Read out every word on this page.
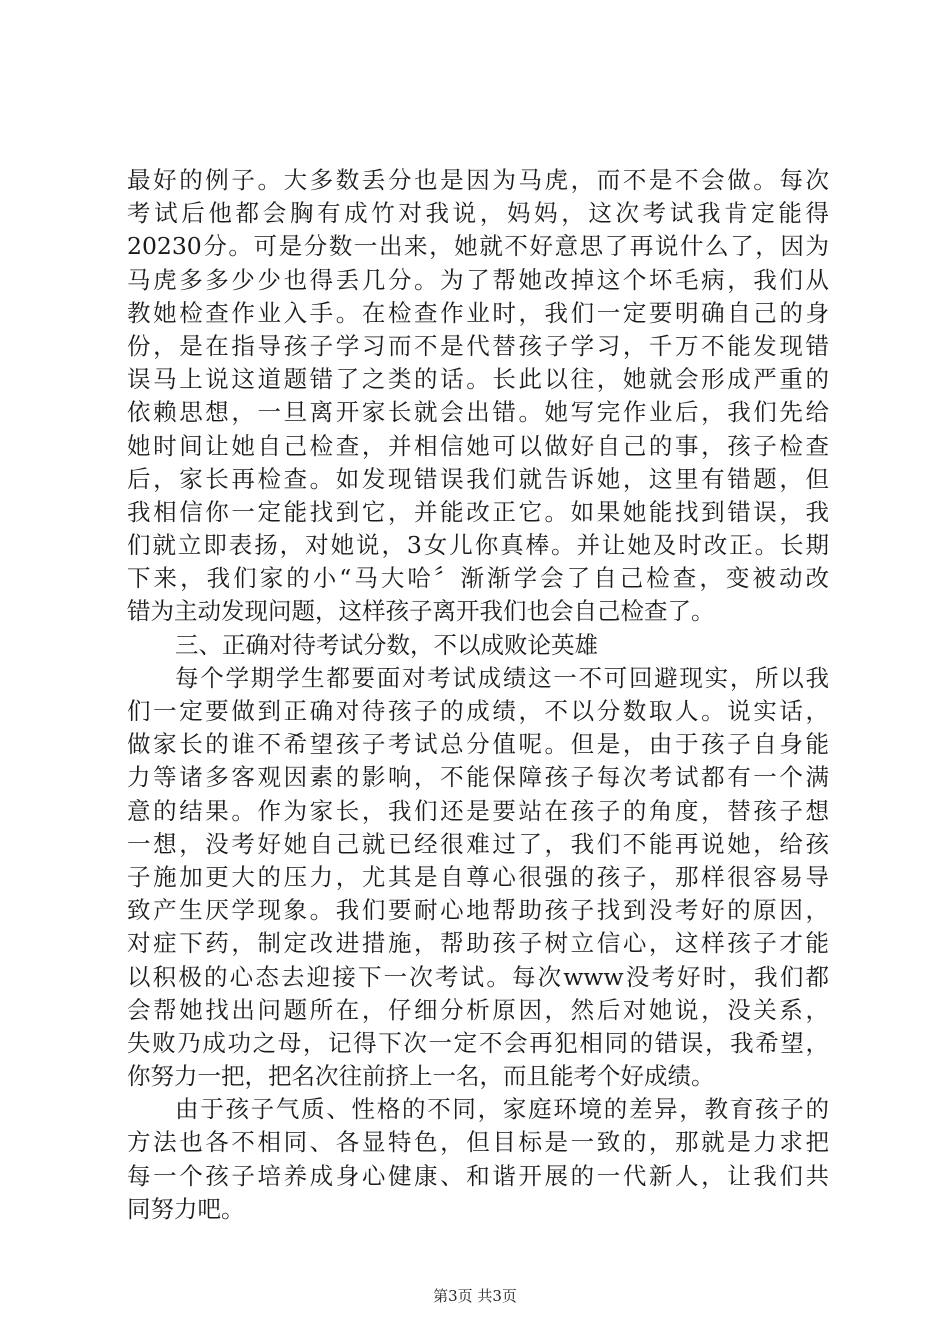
最好的例子。大多数丢分也是因为马虎，而不是不会做。每次
考试后他都会胸有成竹对我说，妈妈，这次考试我肯定能得
20230分。可是分数一出来，她就不好意思了再说什么了，因为
马虎多多少少也得丢几分。为了帮她改掉这个坏毛病，我们从
教她检查作业入手。在检查作业时，我们一定要明确自己的身
份，是在指导孩子学习而不是代替孩子学习，千万不能发现错
误马上说这道题错了之类的话。长此以往，她就会形成严重的
依赖思想，一旦离开家长就会出错。她写完作业后，我们先给
她时间让她自己检查，并相信她可以做好自己的事，孩子检查
后，家长再检查。如发现错误我们就告诉她，这里有错题，但
我相信你一定能找到它，并能改正它。如果她能找到错误，我
们就立即表扬，对她说，3女儿你真棒。并让她及时改正。长期
下来，我们家的小“马大哈〞渐渐学会了自己检查，变被动改
错为主动发现问题，这样孩子离开我们也会自己检查了。
三、正确对待考试分数，不以成败论英雄
每个学期学生都要面对考试成绩这一不可回避现实，所以我
们一定要做到正确对待孩子的成绩，不以分数取人。说实话，
做家长的谁不希望孩子考试总分值呢。但是，由于孩子自身能
力等诸多客观因素的影响，不能保障孩子每次考试都有一个满
意的结果。作为家长，我们还是要站在孩子的角度，替孩子想
一想，没考好她自己就已经很难过了，我们不能再说她，给孩
子施加更大的压力，尤其是自尊心很强的孩子，那样很容易导
致产生厌学现象。我们要耐心地帮助孩子找到没考好的原因，
对症下药，制定改进措施，帮助孩子树立信心，这样孩子才能
以积极的心态去迎接下一次考试。每次www没考好时，我们都
会帮她找出问题所在，仔细分析原因，然后对她说，没关系，
失败乃成功之母，记得下次一定不会再犯相同的错误，我希望，
你努力一把，把名次往前挤上一名，而且能考个好成绩。
由于孩子气质、性格的不同，家庭环境的差异，教育孩子的
方法也各不相同、各显特色，但目标是一致的，那就是力求把
每一个孩子培养成身心健康、和谐开展的一代新人，让我们共
同努力吧。
第3页 共3页
